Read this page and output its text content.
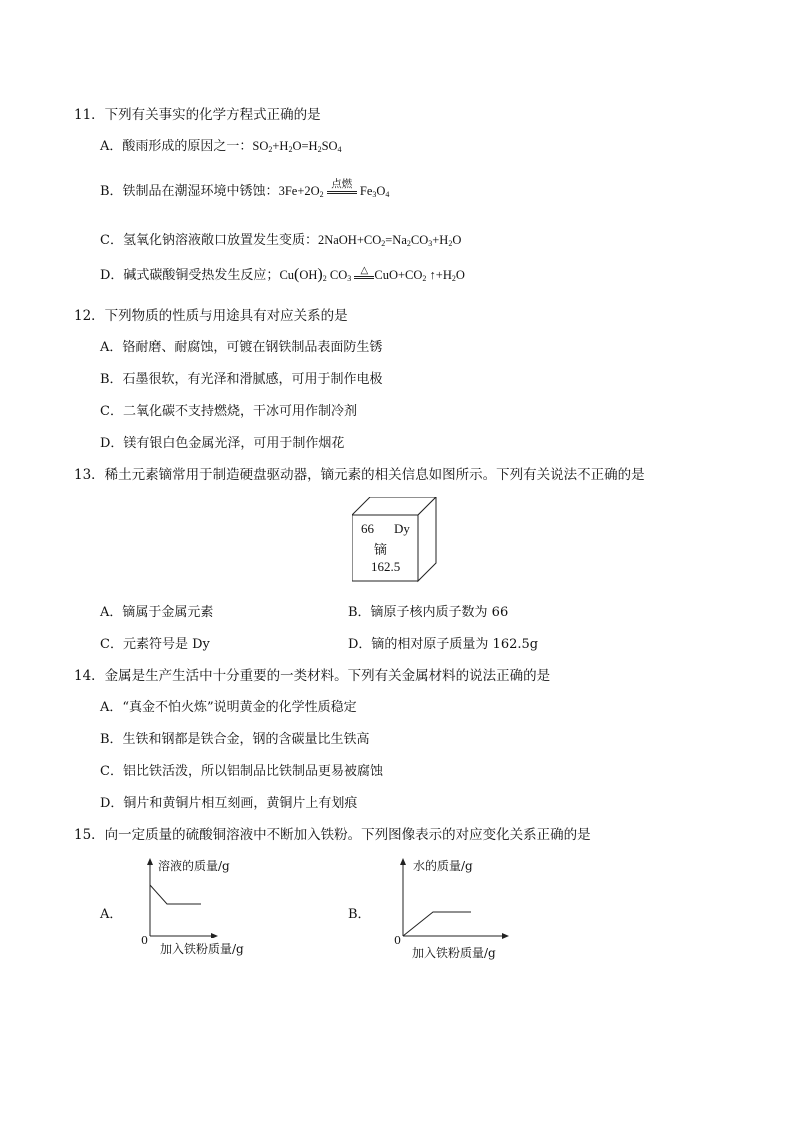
11．下列有关事实的化学方程式正确的是
A．酸雨形成的原因之一：$SO_2+H_2O=H_2SO_4$
B．铁制品在潮湿环境中锈蚀：$3Fe+2O_2$
点燃 $Fe_3O_4$
C．氢氧化钠溶液敞口放置发生变质：$2NaOH+CO_2=Na_2CO_3+H_2O$
D．碱式碳酸铜受热发生反应；$Cu(OH)_2$ $CO_3$
△ $CuO+CO_2$ $↑+H_2O$
12．下列物质的性质与用途具有对应关系的是
A．铬耐磨、耐腐蚀，可镀在钢铁制品表面防生锈
B．石墨很软，有光泽和滑腻感，可用于制作电极
C．二氧化碳不支持燃烧，干冰可用作制冷剂
D．镁有银白色金属光泽，可用于制作烟花
13．稀土元素镝常用于制造硬盘驱动器，镝元素的相关信息如图所示。下列有关说法不正确的是
66 Dy
镝
162.5
A．镝属于金属元素	B．镝原子核内质子数为 66
C．元素符号是 Dy	D．镝的相对原子质量为 162.5g
14．金属是生产生活中十分重要的一类材料。下列有关金属材料的说法正确的是
A．“真金不怕火炼”说明黄金的化学性质稳定
B．生铁和钢都是铁合金，钢的含碳量比生铁高
C．铝比铁活泼，所以铝制品比铁制品更易被腐蚀
D．铜片和黄铜片相互刻画，黄铜片上有划痕
15．向一定质量的硫酸铜溶液中不断加入铁粉。下列图像表示的对应变化关系正确的是
A．
溶液的质量/g
0
加入铁粉质量/g
B．
水的质量/g
0
加入铁粉质量/g
